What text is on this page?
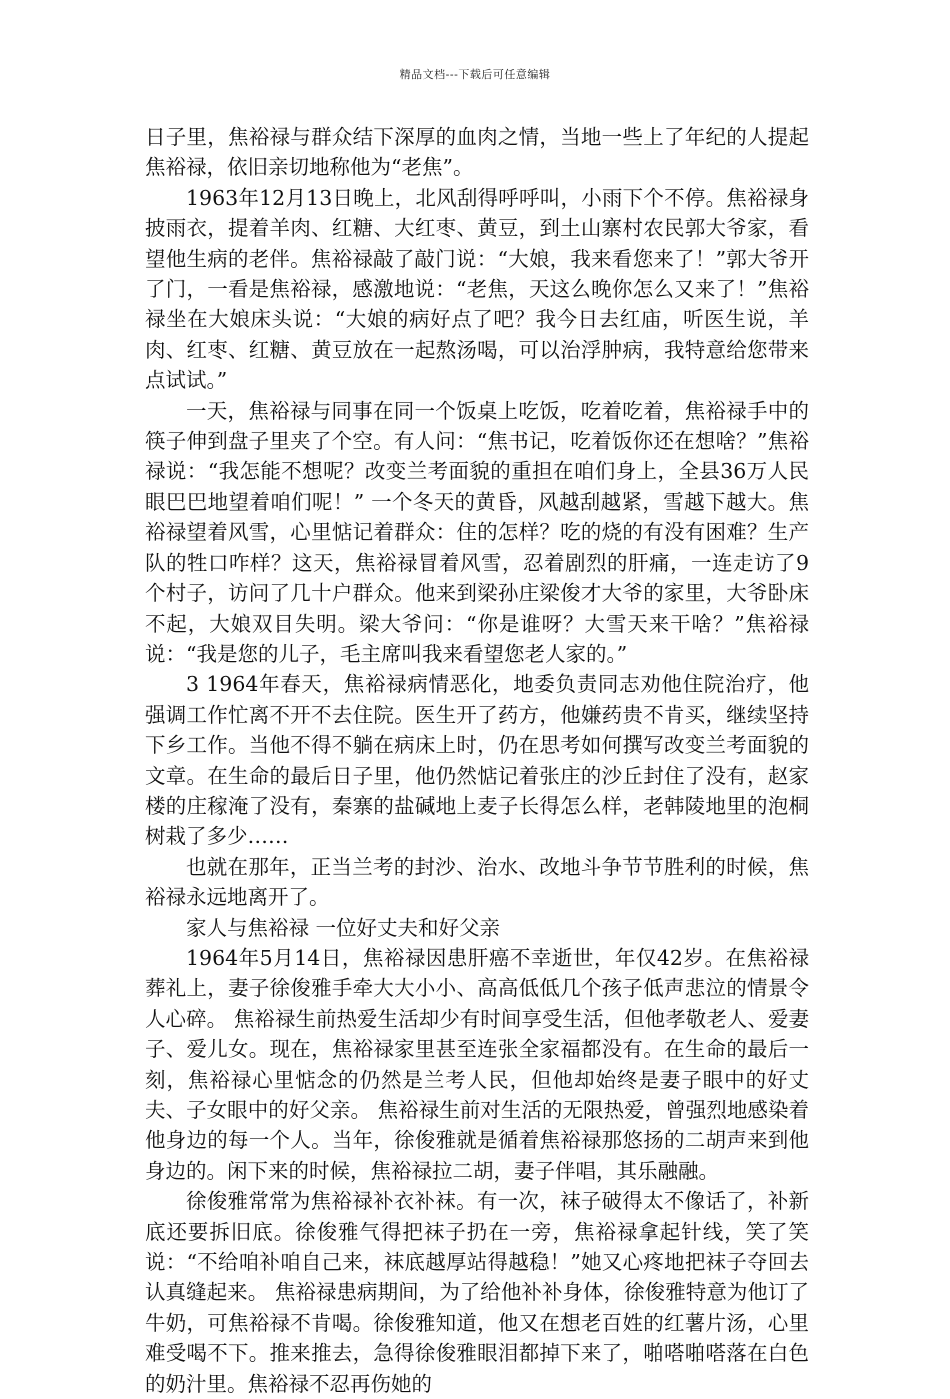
精品文档---下载后可任意编辑

日子里，焦裕禄与群众结下深厚的血肉之情，当地一些上了年纪的人提起焦裕禄，依旧亲切地称他为“老焦”。

1963年12月13日晚上，北风刮得呼呼叫，小雨下个不停。焦裕禄身披雨衣，提着羊肉、红糖、大红枣、黄豆，到土山寨村农民郭大爷家，看望他生病的老伴。焦裕禄敲了敲门说：“大娘，我来看您来了！”郭大爷开了门，一看是焦裕禄，感激地说：“老焦，天这么晚你怎么又来了！”焦裕禄坐在大娘床头说：“大娘的病好点了吧？我今日去红庙，听医生说，羊肉、红枣、红糖、黄豆放在一起熬汤喝，可以治浮肿病，我特意给您带来点试试。”

一天，焦裕禄与同事在同一个饭桌上吃饭，吃着吃着，焦裕禄手中的筷子伸到盘子里夹了个空。有人问：“焦书记，吃着饭你还在想啥？”焦裕禄说：“我怎能不想呢？改变兰考面貌的重担在咱们身上，全县36万人民眼巴巴地望着咱们呢！” 一个冬天的黄昏，风越刮越紧，雪越下越大。焦裕禄望着风雪，心里惦记着群众：住的怎样？吃的烧的有没有困难？生产队的牲口咋样？这天，焦裕禄冒着风雪，忍着剧烈的肝痛，一连走访了9个村子，访问了几十户群众。他来到梁孙庄梁俊才大爷的家里，大爷卧床不起，大娘双目失明。梁大爷问：“你是谁呀？大雪天来干啥？”焦裕禄说：“我是您的儿子，毛主席叫我来看望您老人家的。”

3 1964年春天，焦裕禄病情恶化，地委负责同志劝他住院治疗，他强调工作忙离不开不去住院。医生开了药方，他嫌药贵不肯买，继续坚持下乡工作。当他不得不躺在病床上时，仍在思考如何撰写改变兰考面貌的文章。在生命的最后日子里，他仍然惦记着张庄的沙丘封住了没有，赵家楼的庄稼淹了没有，秦寨的盐碱地上麦子长得怎么样，老韩陵地里的泡桐树栽了多少……

也就在那年，正当兰考的封沙、治水、改地斗争节节胜利的时候，焦裕禄永远地离开了。

家人与焦裕禄 一位好丈夫和好父亲

1964年5月14日，焦裕禄因患肝癌不幸逝世，年仅42岁。在焦裕禄葬礼上，妻子徐俊雅手牵大大小小、高高低低几个孩子低声悲泣的情景令人心碎。 焦裕禄生前热爱生活却少有时间享受生活，但他孝敬老人、爱妻子、爱儿女。现在，焦裕禄家里甚至连张全家福都没有。在生命的最后一刻，焦裕禄心里惦念的仍然是兰考人民，但他却始终是妻子眼中的好丈夫、子女眼中的好父亲。 焦裕禄生前对生活的无限热爱，曾强烈地感染着他身边的每一个人。当年，徐俊雅就是循着焦裕禄那悠扬的二胡声来到他身边的。闲下来的时候，焦裕禄拉二胡，妻子伴唱，其乐融融。

徐俊雅常常为焦裕禄补衣补袜。有一次，袜子破得太不像话了，补新底还要拆旧底。徐俊雅气得把袜子扔在一旁，焦裕禄拿起针线，笑了笑说：“不给咱补咱自己来，袜底越厚站得越稳！”她又心疼地把袜子夺回去认真缝起来。 焦裕禄患病期间，为了给他补补身体，徐俊雅特意为他订了牛奶，可焦裕禄不肯喝。徐俊雅知道，他又在想老百姓的红薯片汤，心里难受喝不下。推来推去，急得徐俊雅眼泪都掉下来了，啪嗒啪嗒落在白色的奶汁里。焦裕禄不忍再伤她的
